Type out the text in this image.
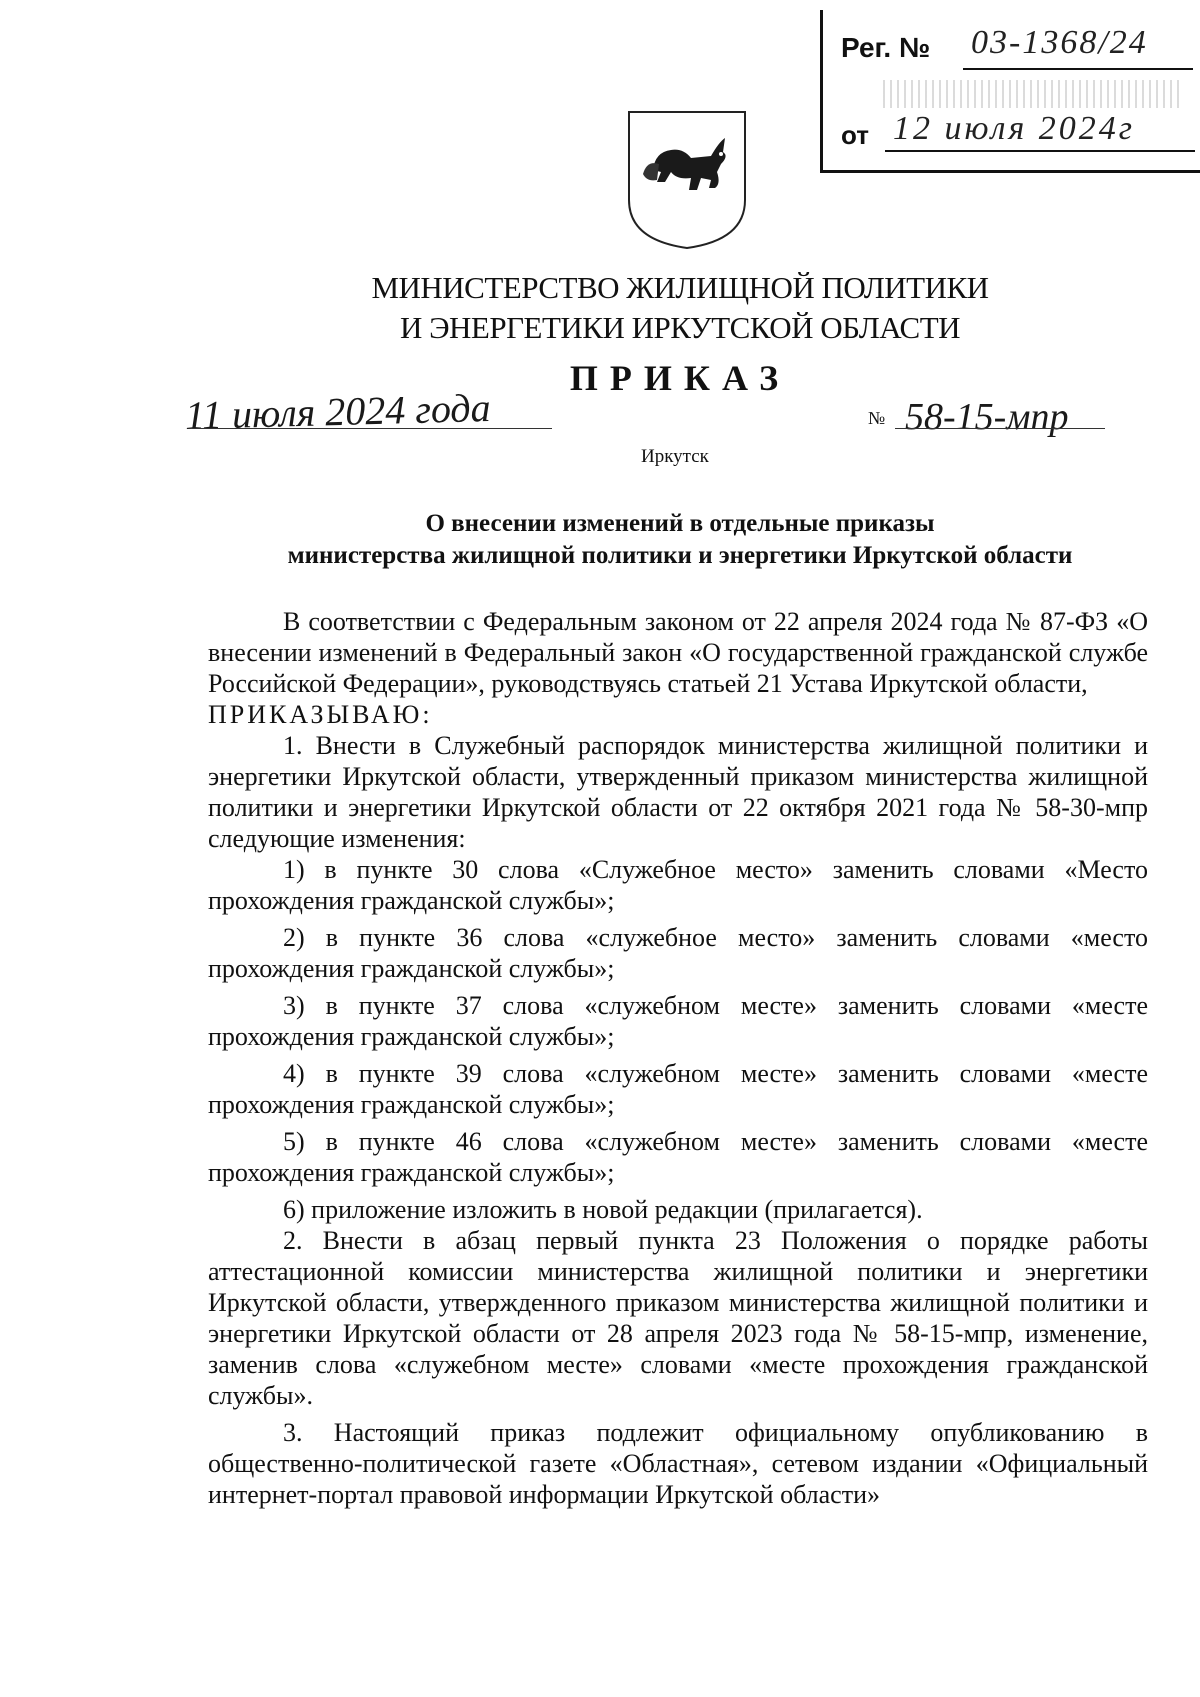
Рег. № 03-1368/24
от 12 июля 2024г
МИНИСТЕРСТВО ЖИЛИЩНОЙ ПОЛИТИКИ
И ЭНЕРГЕТИКИ ИРКУТСКОЙ ОБЛАСТИ
ПРИКАЗ
11 июля 2024 года	№ 58-15-мпр
Иркутск
О внесении изменений в отдельные приказы
министерства жилищной политики и энергетики Иркутской области

В соответствии с Федеральным законом от 22 апреля 2024 года № 87-ФЗ «О внесении изменений в Федеральный закон «О государственной гражданской службе Российской Федерации», руководствуясь статьей 21 Устава Иркутской области,

ПРИКАЗЫВАЮ:

1. Внести в Служебный распорядок министерства жилищной политики и энергетики Иркутской области, утвержденный приказом министерства жилищной политики и энергетики Иркутской области от 22 октября 2021 года № 58-30-мпр следующие изменения:

1) в пункте 30 слова «Служебное место» заменить словами «Место прохождения гражданской службы»;

2) в пункте 36 слова «служебное место» заменить словами «место прохождения гражданской службы»;

3) в пункте 37 слова «служебном месте» заменить словами «месте прохождения гражданской службы»;

4) в пункте 39 слова «служебном месте» заменить словами «месте прохождения гражданской службы»;

5) в пункте 46 слова «служебном месте» заменить словами «месте прохождения гражданской службы»;

6) приложение изложить в новой редакции (прилагается).

2. Внести в абзац первый пункта 23 Положения о порядке работы аттестационной комиссии министерства жилищной политики и энергетики Иркутской области, утвержденного приказом министерства жилищной политики и энергетики Иркутской области от 28 апреля 2023 года № 58-15-мпр, изменение, заменив слова «служебном месте» словами «месте прохождения гражданской службы».

3. Настоящий приказ подлежит официальному опубликованию в общественно-политической газете «Областная», сетевом издании «Официальный интернет-портал правовой информации Иркутской области»
